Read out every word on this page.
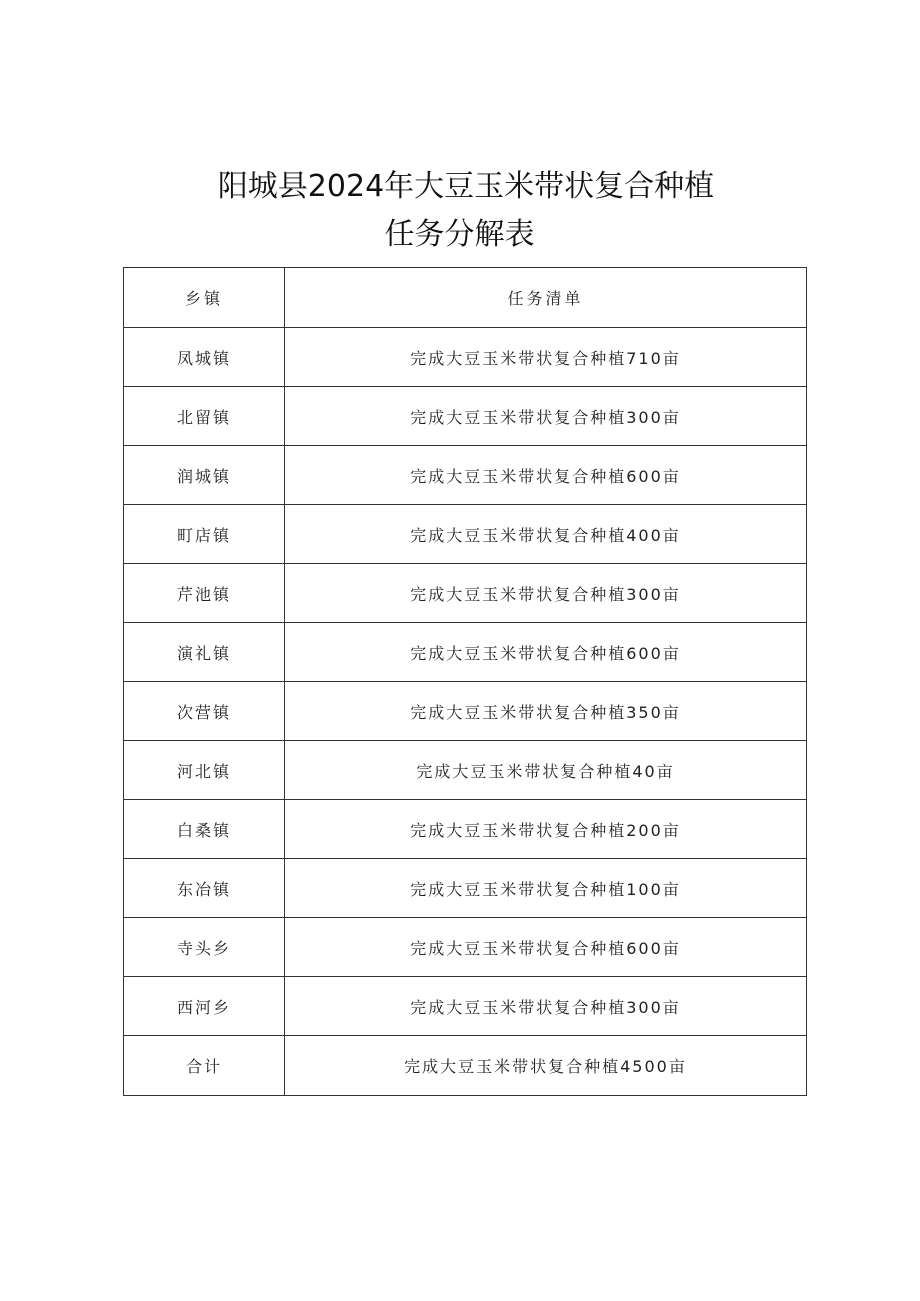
阳城县2024年大豆玉米带状复合种植
任务分解表
乡镇	任务清单
凤城镇	完成大豆玉米带状复合种植710亩
北留镇	完成大豆玉米带状复合种植300亩
润城镇	完成大豆玉米带状复合种植600亩
町店镇	完成大豆玉米带状复合种植400亩
芹池镇	完成大豆玉米带状复合种植300亩
演礼镇	完成大豆玉米带状复合种植600亩
次营镇	完成大豆玉米带状复合种植350亩
河北镇	完成大豆玉米带状复合种植40亩
白桑镇	完成大豆玉米带状复合种植200亩
东冶镇	完成大豆玉米带状复合种植100亩
寺头乡	完成大豆玉米带状复合种植600亩
西河乡	完成大豆玉米带状复合种植300亩
合计	完成大豆玉米带状复合种植4500亩
